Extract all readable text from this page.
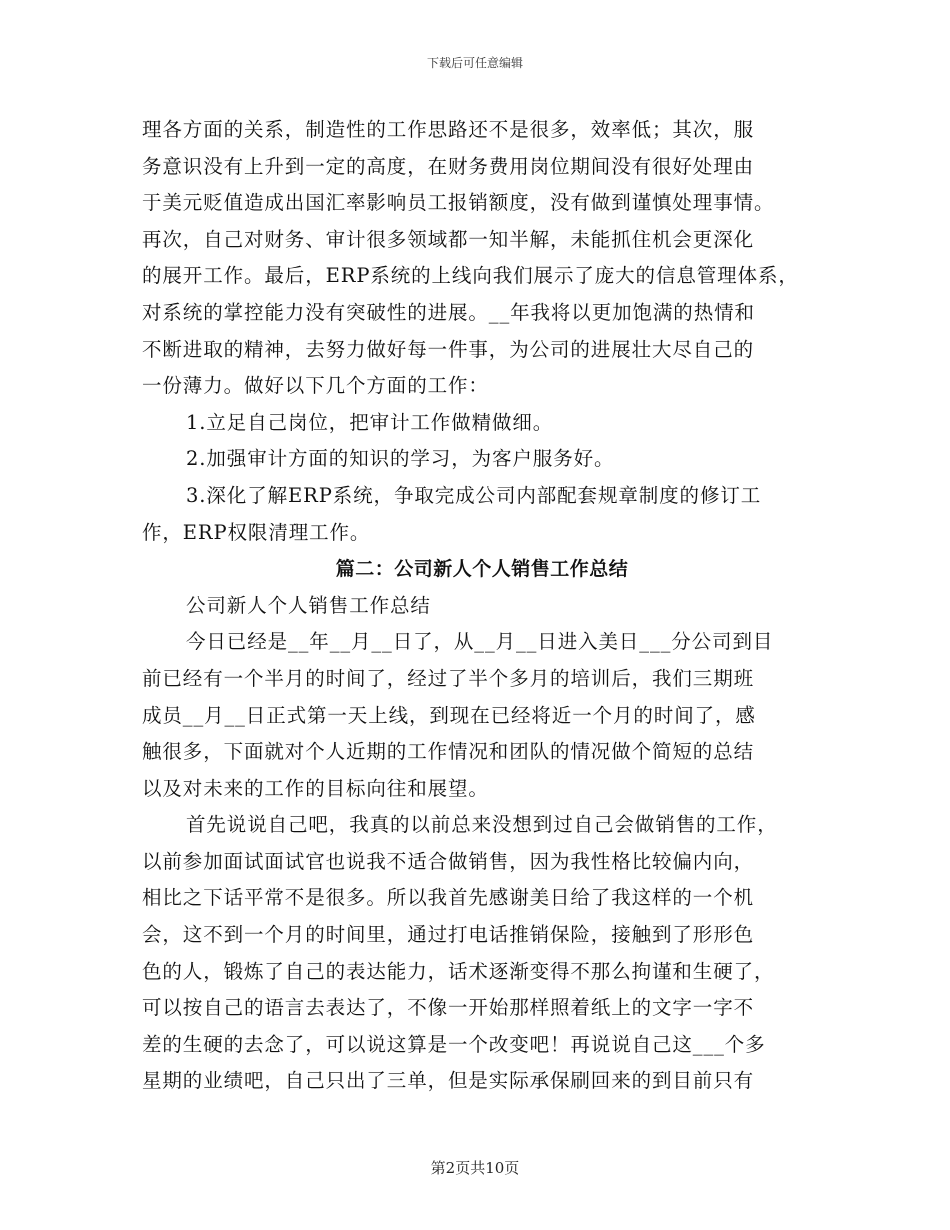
下载后可任意编辑
理各方面的关系，制造性的工作思路还不是很多，效率低；其次，服
务意识没有上升到一定的高度，在财务费用岗位期间没有很好处理由
于美元贬值造成出国汇率影响员工报销额度，没有做到谨慎处理事情。
再次，自己对财务、审计很多领域都一知半解，未能抓住机会更深化
的展开工作。最后，ERP系统的上线向我们展示了庞大的信息管理体系，
对系统的掌控能力没有突破性的进展。__年我将以更加饱满的热情和
不断进取的精神，去努力做好每一件事，为公司的进展壮大尽自己的
一份薄力。做好以下几个方面的工作：
1.立足自己岗位，把审计工作做精做细。
2.加强审计方面的知识的学习，为客户服务好。
3.深化了解ERP系统，争取完成公司内部配套规章制度的修订工
作，ERP权限清理工作。
篇二：公司新人个人销售工作总结
公司新人个人销售工作总结
今日已经是__年__月__日了，从__月__日进入美日___分公司到目
前已经有一个半月的时间了，经过了半个多月的培训后，我们三期班
成员__月__日正式第一天上线，到现在已经将近一个月的时间了，感
触很多，下面就对个人近期的工作情况和团队的情况做个简短的总结
以及对未来的工作的目标向往和展望。
首先说说自己吧，我真的以前总来没想到过自己会做销售的工作，
以前参加面试面试官也说我不适合做销售，因为我性格比较偏内向，
相比之下话平常不是很多。所以我首先感谢美日给了我这样的一个机
会，这不到一个月的时间里，通过打电话推销保险，接触到了形形色
色的人，锻炼了自己的表达能力，话术逐渐变得不那么拘谨和生硬了，
可以按自己的语言去表达了，不像一开始那样照着纸上的文字一字不
差的生硬的去念了，可以说这算是一个改变吧！再说说自己这___个多
星期的业绩吧，自己只出了三单，但是实际承保刷回来的到目前只有
第2页共10页
